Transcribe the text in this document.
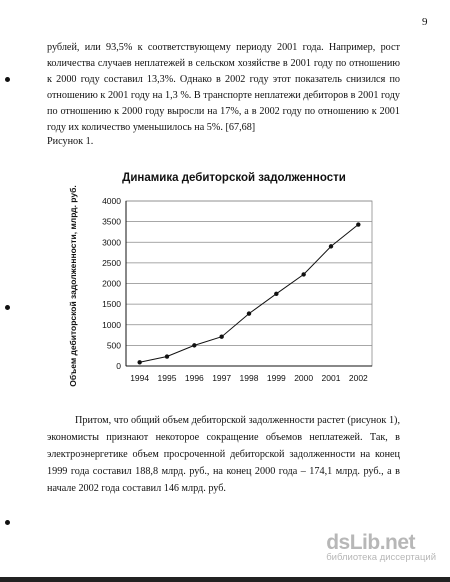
9
рублей, или 93,5% к соответствующему периоду 2001 года. Например, рост количества случаев неплатежей в сельском хозяйстве в 2001 году по отношению к 2000 году составил 13,3%. Однако в 2002 году этот показатель снизился по отношению к 2001 году на 1,3 %. В транспорте неплатежи дебиторов в 2001 году по отношению к 2000 году выросли на 17%, а в 2002 году по отношению к 2001 году их количество уменьшилось на 5%. [67,68]
Рисунок 1.
Динамика дебиторской задолженности
Объем дебиторской задолженности, млрд. руб.	0
500
1000
1500
2000
2500
3000
3500
4000
1994 1995 1996 1997 1998 1999 2000 2001 2002
Притом, что общий объем дебиторской задолженности растет (рисунок 1), экономисты признают некоторое сокращение объемов неплатежей. Так, в электроэнергетике объем просроченной дебиторской задолженности на конец 1999 года составил 188,8 млрд. руб., на конец 2000 года – 174,1 млрд. руб., а в начале 2002 года составил 146 млрд. руб.
dsLib.net
библиотека диссертаций
